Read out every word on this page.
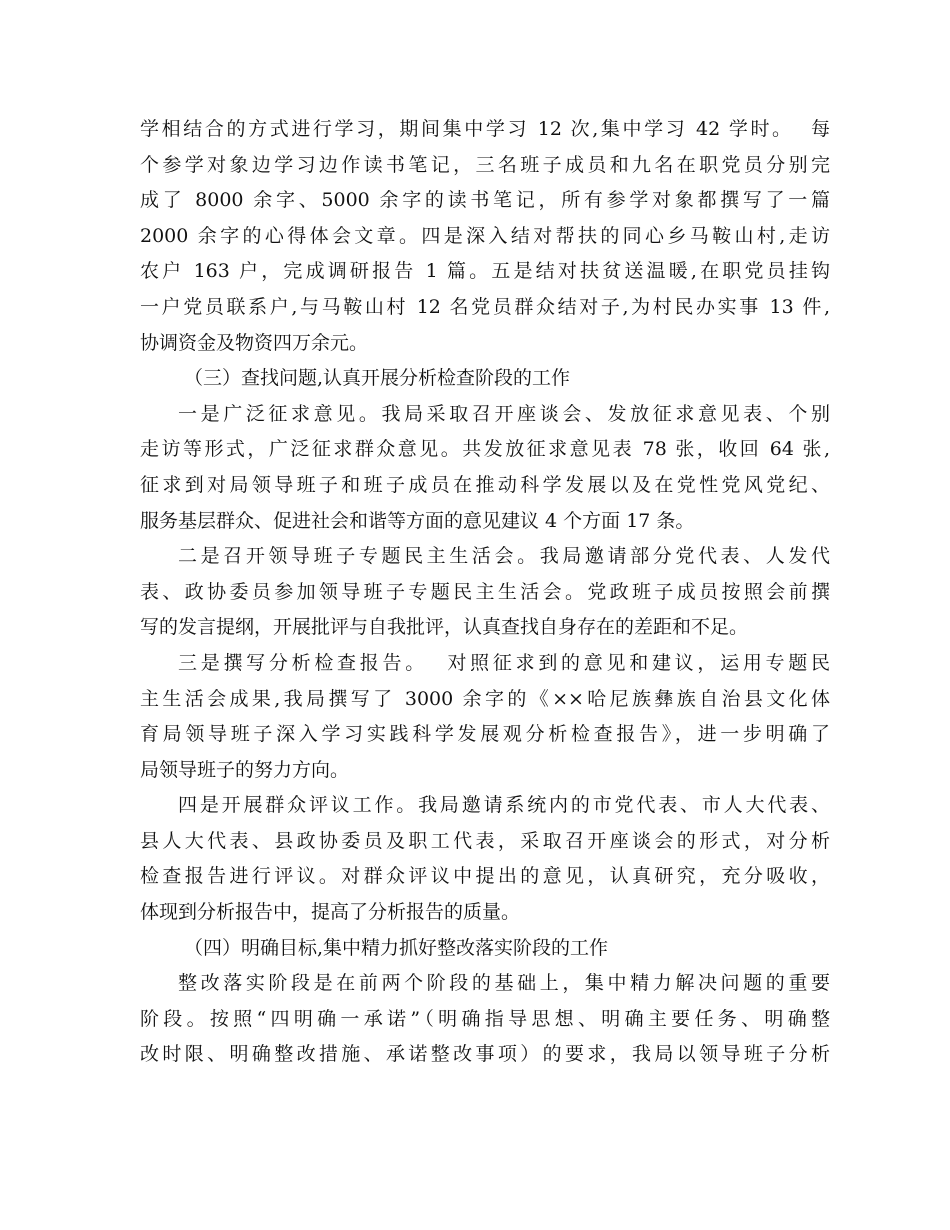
学相结合的方式进行学习，期间集中学习 12 次,集中学习 42 学时。  每
个参学对象边学习边作读书笔记，三名班子成员和九名在职党员分别完
成了 8000 余字、5000 余字的读书笔记，所有参学对象都撰写了一篇
2000 余字的心得体会文章。四是深入结对帮扶的同心乡马鞍山村,走访
农户 163 户，完成调研报告 1 篇。五是结对扶贫送温暖,在职党员挂钩
一户党员联系户,与马鞍山村 12 名党员群众结对子,为村民办实事 13 件,
协调资金及物资四万余元。
（三）查找问题,认真开展分析检查阶段的工作
一是广泛征求意见。我局采取召开座谈会、发放征求意见表、个别
走访等形式，广泛征求群众意见。共发放征求意见表 78 张，收回 64 张,
征求到对局领导班子和班子成员在推动科学发展以及在党性党风党纪、
服务基层群众、促进社会和谐等方面的意见建议 4 个方面 17 条。
二是召开领导班子专题民主生活会。我局邀请部分党代表、人发代
表、政协委员参加领导班子专题民主生活会。党政班子成员按照会前撰
写的发言提纲，开展批评与自我批评，认真查找自身存在的差距和不足。
三是撰写分析检查报告。  对照征求到的意见和建议，运用专题民
主生活会成果,我局撰写了 3000 余字的《××哈尼族彝族自治县文化体
育局领导班子深入学习实践科学发展观分析检查报告》，进一步明确了
局领导班子的努力方向。
四是开展群众评议工作。我局邀请系统内的市党代表、市人大代表、
县人大代表、县政协委员及职工代表，采取召开座谈会的形式，对分析
检查报告进行评议。对群众评议中提出的意见，认真研究，充分吸收，
体现到分析报告中，提高了分析报告的质量。
（四）明确目标,集中精力抓好整改落实阶段的工作
整改落实阶段是在前两个阶段的基础上，集中精力解决问题的重要
阶段。按照“四明确一承诺”（明确指导思想、明确主要任务、明确整
改时限、明确整改措施、承诺整改事项）的要求，我局以领导班子分析
